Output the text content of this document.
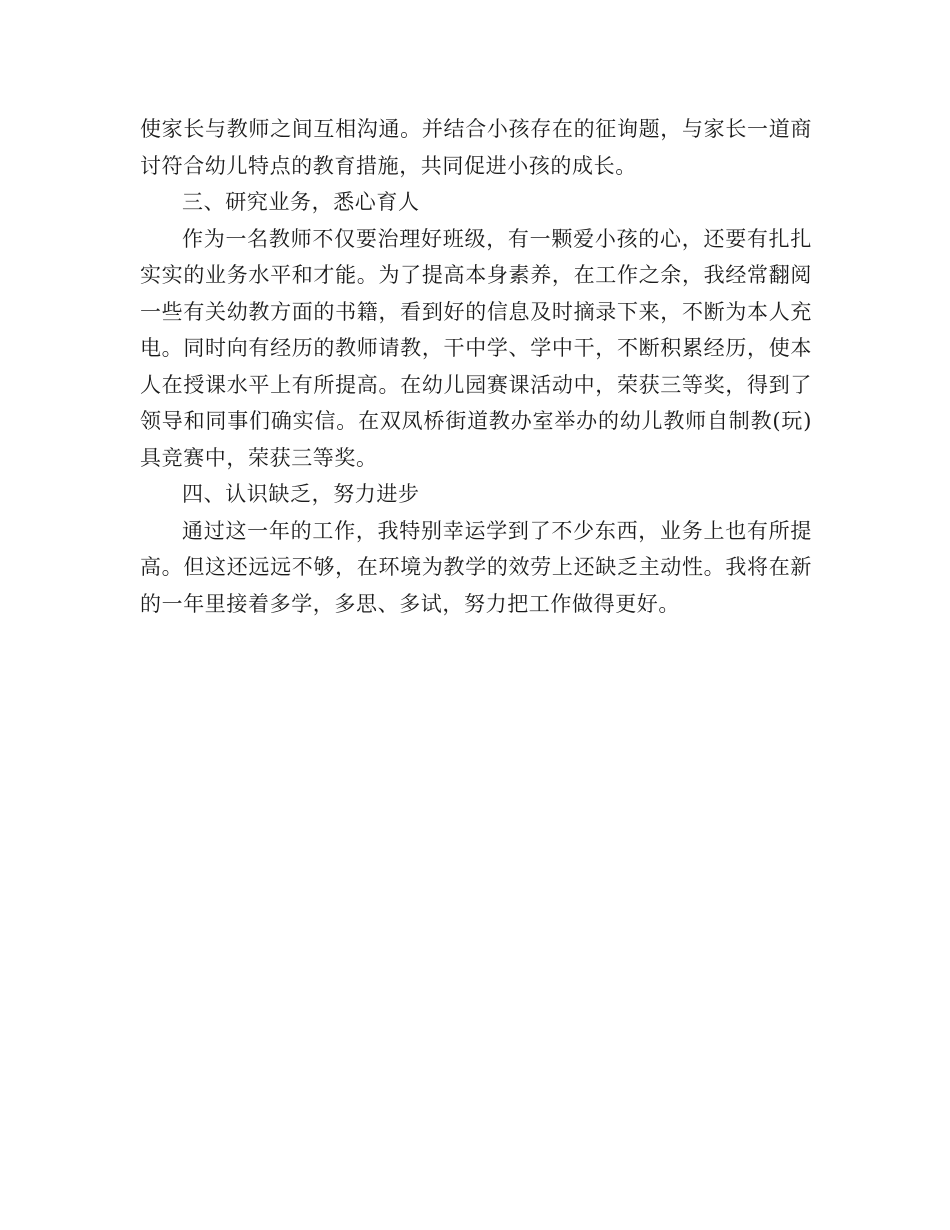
使家长与教师之间互相沟通。并结合小孩存在的征询题，与家长一道商讨符合幼儿特点的教育措施，共同促进小孩的成长。

三、研究业务，悉心育人

作为一名教师不仅要治理好班级，有一颗爱小孩的心，还要有扎扎实实的业务水平和才能。为了提高本身素养，在工作之余，我经常翻阅一些有关幼教方面的书籍，看到好的信息及时摘录下来，不断为本人充电。同时向有经历的教师请教，干中学、学中干，不断积累经历，使本人在授课水平上有所提高。在幼儿园赛课活动中，荣获三等奖，得到了领导和同事们确实信。在双凤桥街道教办室举办的幼儿教师自制教(玩)具竞赛中，荣获三等奖。

四、认识缺乏，努力进步

通过这一年的工作，我特别幸运学到了不少东西，业务上也有所提高。但这还远远不够，在环境为教学的效劳上还缺乏主动性。我将在新的一年里接着多学，多思、多试，努力把工作做得更好。
